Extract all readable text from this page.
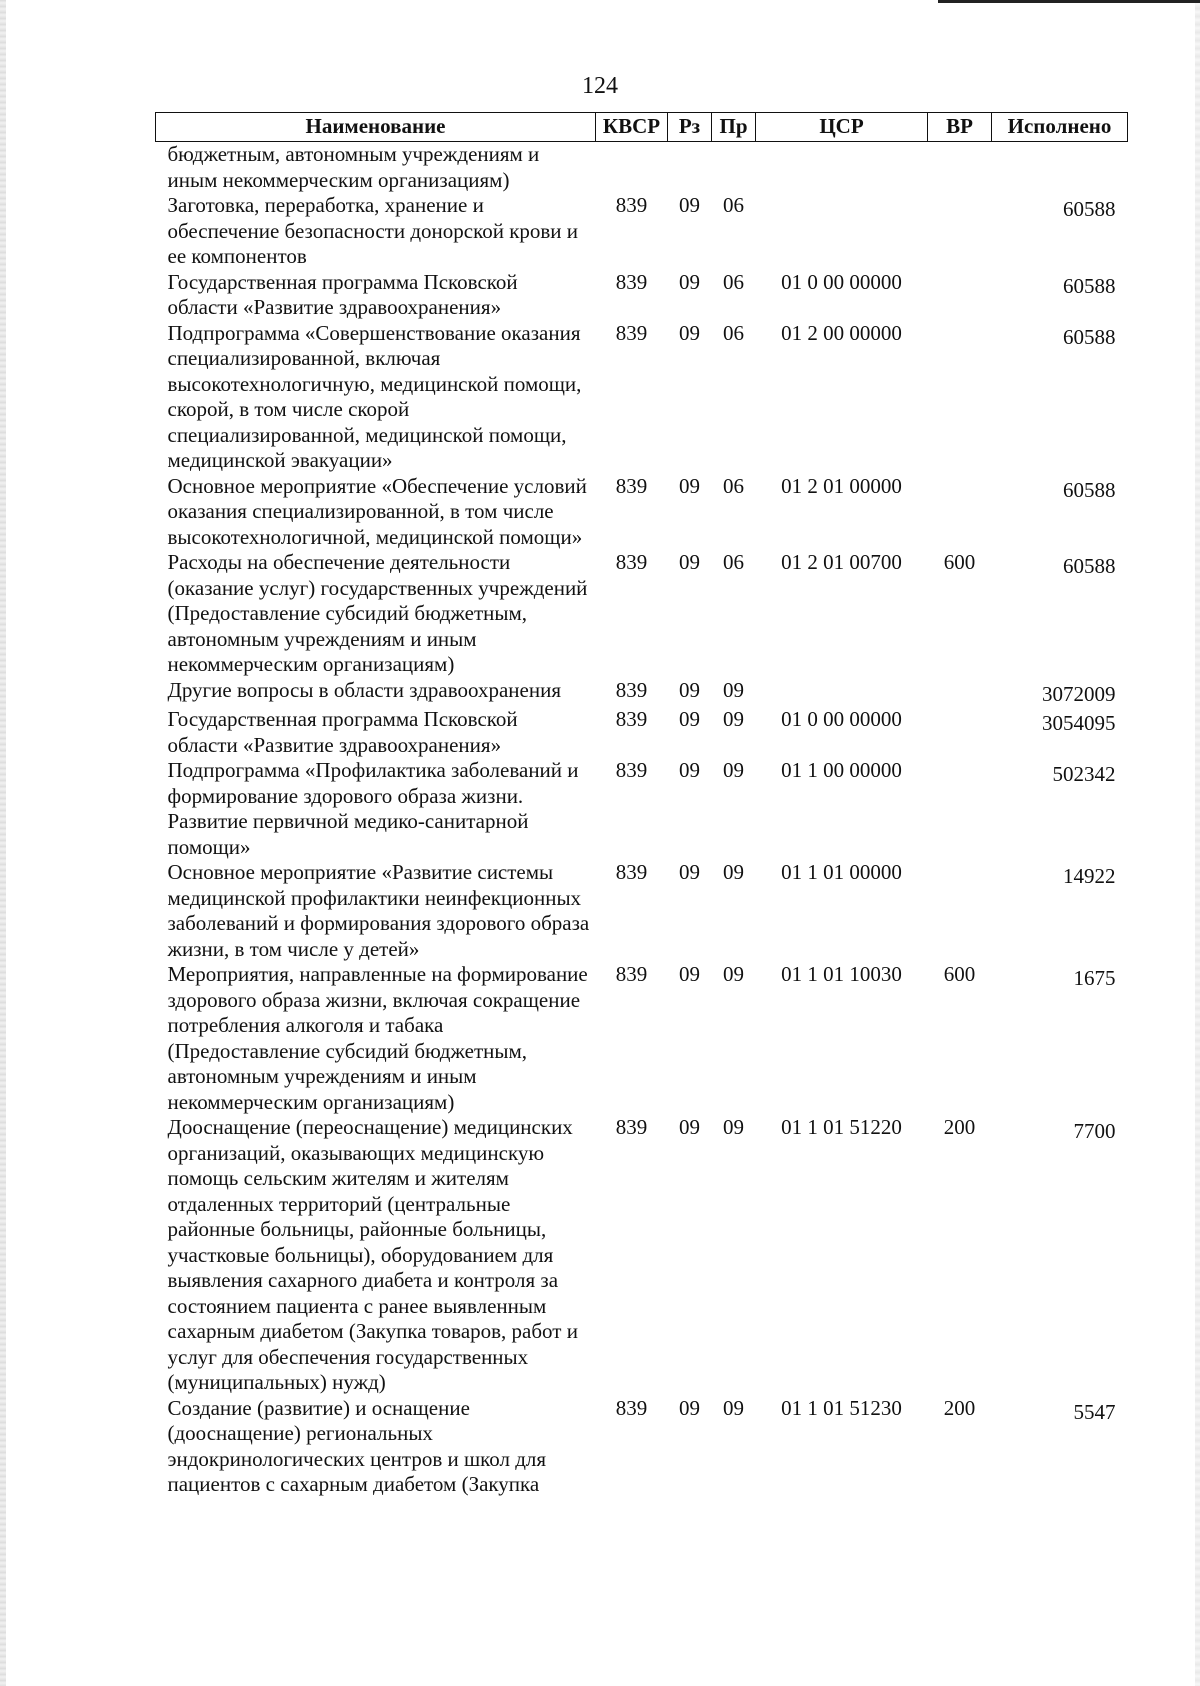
124
Наименование	КВСР	Рз	Пр	ЦСР	ВР	Исполнено
бюджетным, автономным учреждениям и иным некоммерческим организациям)						
Заготовка, переработка, хранение и обеспечение безопасности донорской крови и ее компонентов	839	09	06			60588
Государственная программа Псковской области «Развитие здравоохранения»	839	09	06	01 0 00 00000		60588
Подпрограмма «Совершенствование оказания специализированной, включая высокотехнологичную, медицинской помощи, скорой, в том числе скорой специализированной, медицинской помощи, медицинской эвакуации»	839	09	06	01 2 00 00000		60588
Основное мероприятие «Обеспечение условий оказания специализированной, в том числе высокотехнологичной, медицинской помощи»	839	09	06	01 2 01 00000		60588
Расходы на обеспечение деятельности (оказание услуг) государственных учреждений (Предоставление субсидий бюджетным, автономным учреждениям и иным некоммерческим организациям)	839	09	06	01 2 01 00700	600	60588
Другие вопросы в области здравоохранения	839	09	09			3072009
Государственная программа Псковской области «Развитие здравоохранения»	839	09	09	01 0 00 00000		3054095
Подпрограмма «Профилактика заболеваний и формирование здорового образа жизни. Развитие первичной медико-санитарной помощи»	839	09	09	01 1 00 00000		502342
Основное мероприятие «Развитие системы медицинской профилактики неинфекционных заболеваний и формирования здорового образа жизни, в том числе у детей»	839	09	09	01 1 01 00000		14922
Мероприятия, направленные на формирование здорового образа жизни, включая сокращение потребления алкоголя и табака (Предоставление субсидий бюджетным, автономным учреждениям и иным некоммерческим организациям)	839	09	09	01 1 01 10030	600	1675
Дооснащение (переоснащение) медицинских организаций, оказывающих медицинскую помощь сельским жителям и жителям отдаленных территорий (центральные районные больницы, районные больницы, участковые больницы), оборудованием для выявления сахарного диабета и контроля за состоянием пациента с ранее выявленным сахарным диабетом (Закупка товаров, работ и услуг для обеспечения государственных (муниципальных) нужд)	839	09	09	01 1 01 51220	200	7700
Создание (развитие) и оснащение (дооснащение) региональных эндокринологических центров и школ для пациентов с сахарным диабетом (Закупка	839	09	09	01 1 01 51230	200	5547
